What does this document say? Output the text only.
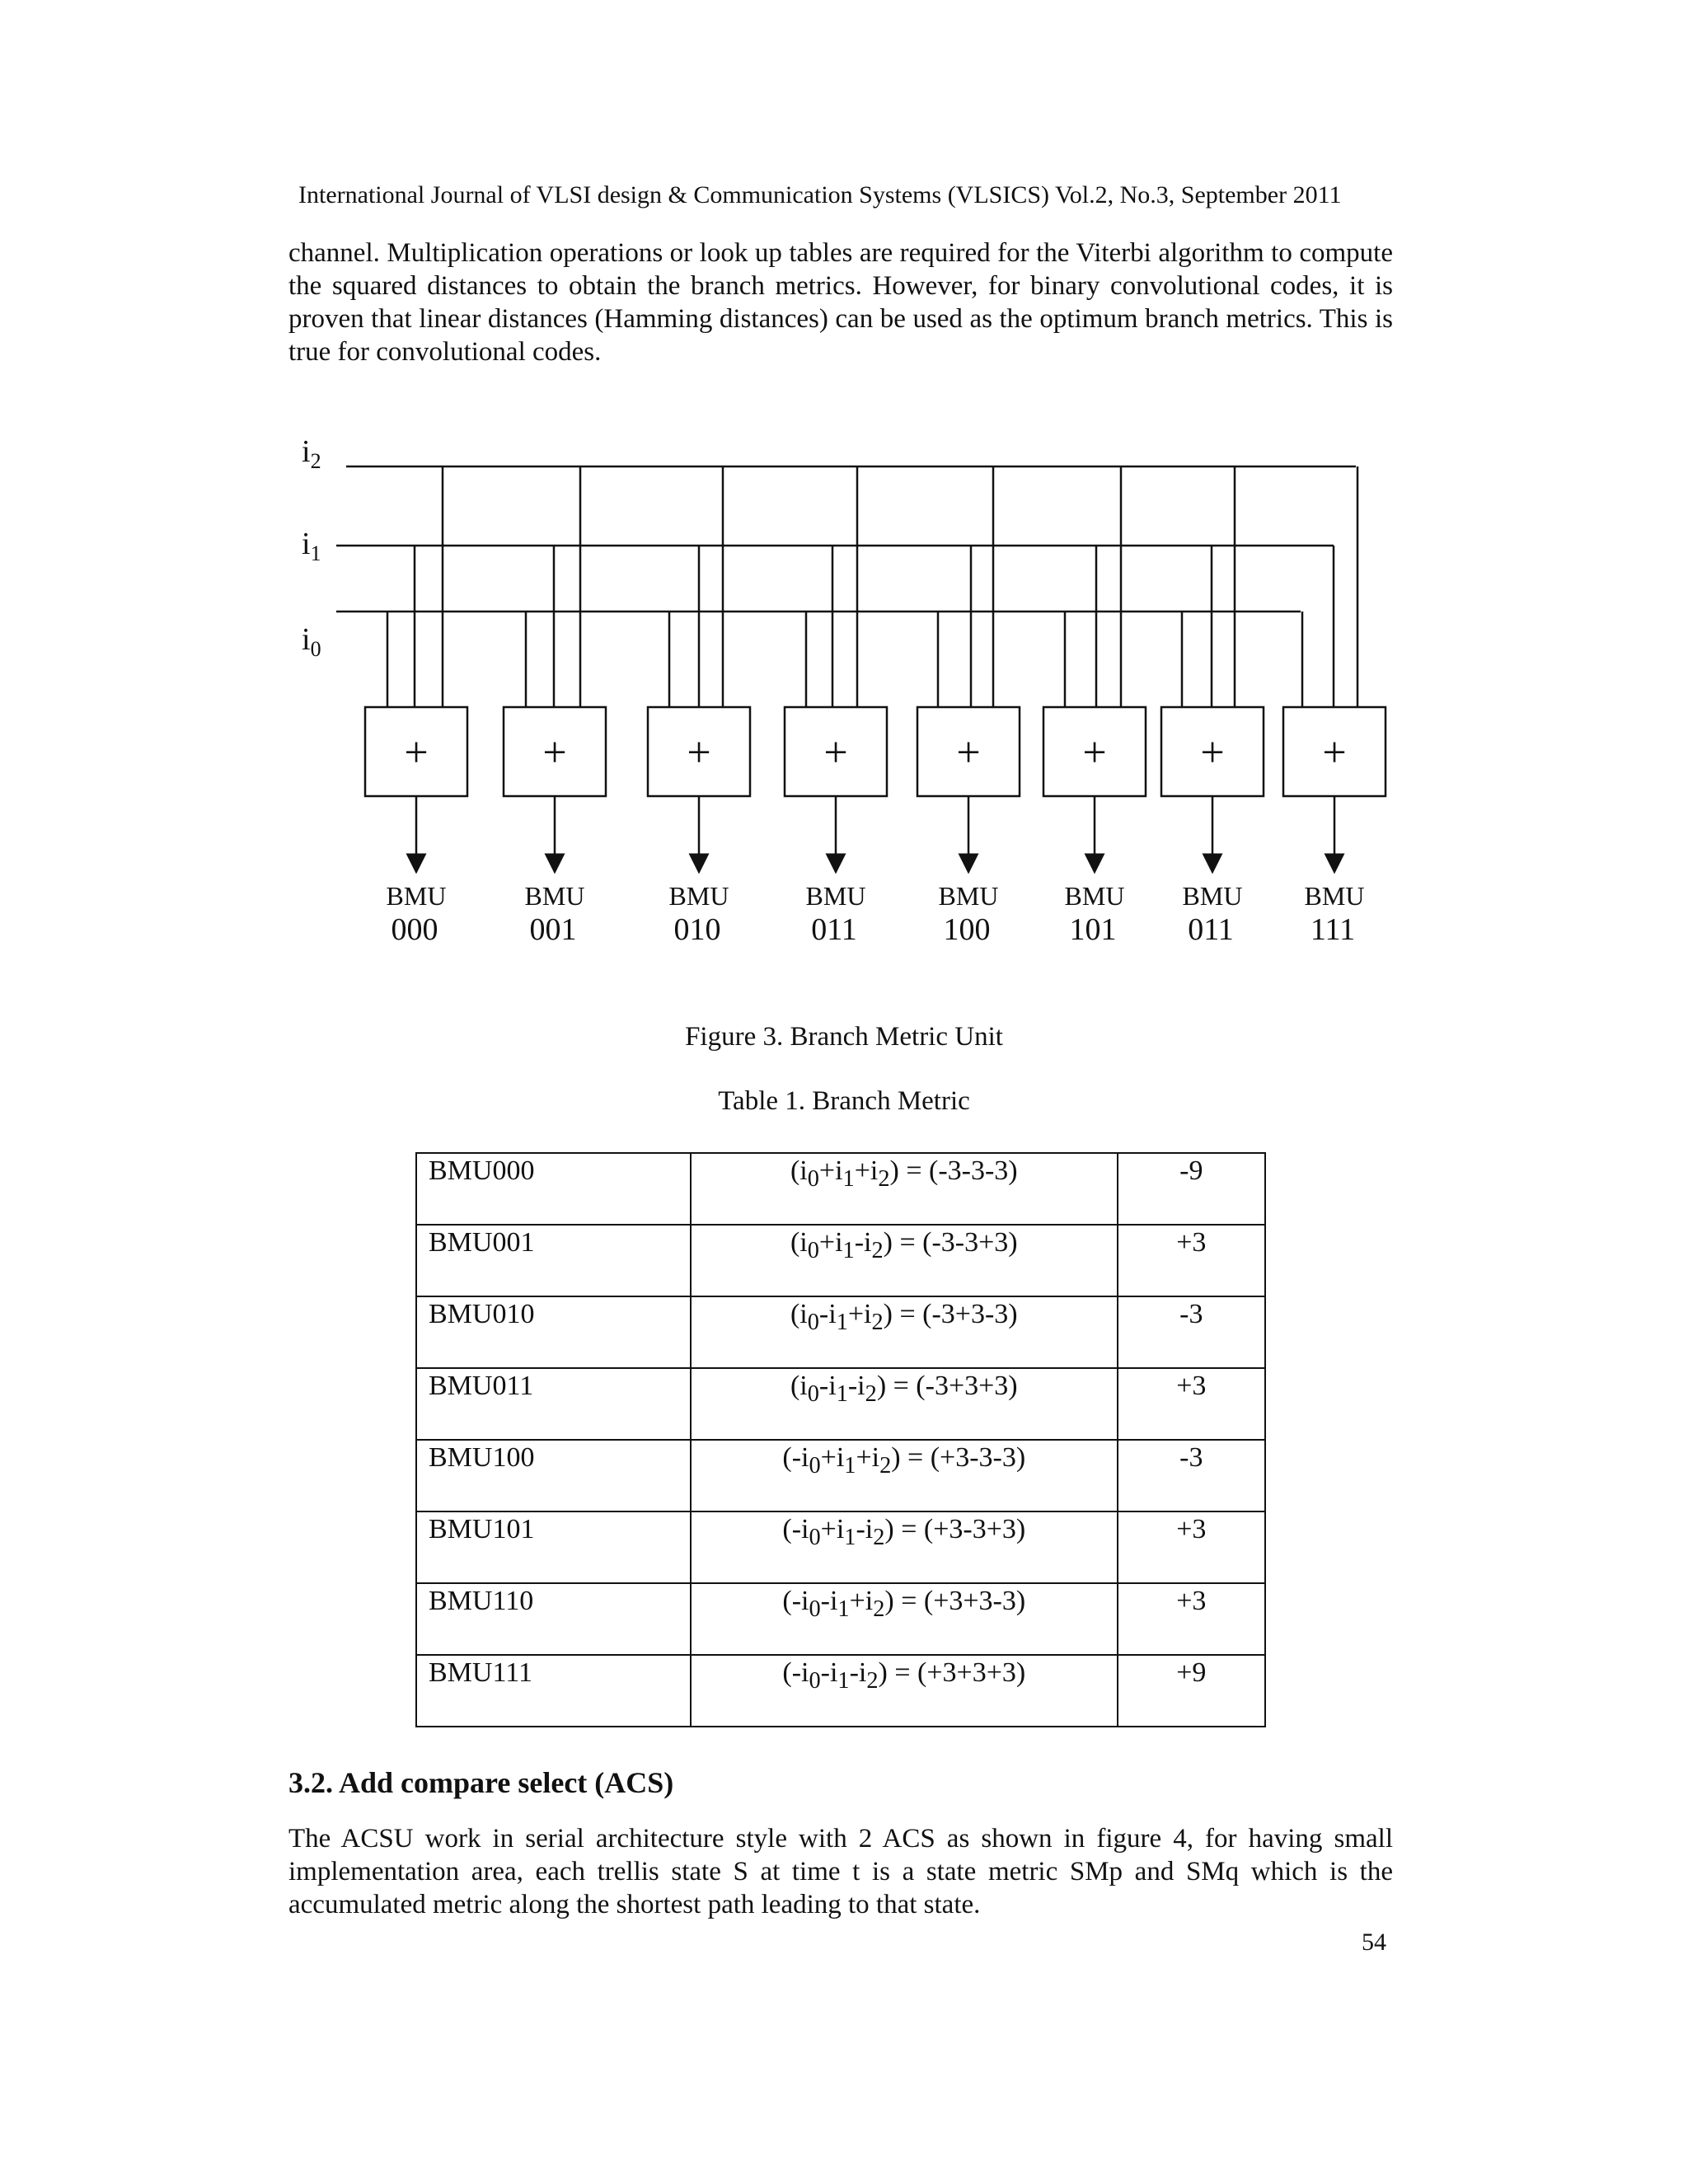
International Journal of VLSI design & Communication Systems (VLSICS) Vol.2, No.3, September 2011

channel. Multiplication operations or look up tables are required for the Viterbi algorithm to compute the squared distances to obtain the branch metrics. However, for binary convolutional codes, it is proven that linear distances (Hamming distances) can be used as the optimum branch metrics. This is true for convolutional codes.

$i_2$
$i_1$
$i_0$
+
BMU
000
+
BMU
001
+
BMU
010
+
BMU
011
+
BMU
100
+
BMU
101
+
BMU
011
+
BMU
111
Figure 3. Branch Metric Unit
Table 1. Branch Metric
BMU000	$(i_0+i_1+i_2) = (-3-3-3)$	-9
BMU001	$(i_0+i_1-i_2) = (-3-3+3)$	+3
BMU010	$(i_0-i_1+i_2) = (-3+3-3)$	-3
BMU011	$(i_0-i_1-i_2) = (-3+3+3)$	+3
BMU100	$(-i_0+i_1+i_2) = (+3-3-3)$	-3
BMU101	$(-i_0+i_1-i_2) = (+3-3+3)$	+3
BMU110	$(-i_0-i_1+i_2) = (+3+3-3)$	+3
BMU111	$(-i_0-i_1-i_2) = (+3+3+3)$	+9
3.2. Add compare select (ACS)

The ACSU work in serial architecture style with 2 ACS as shown in figure 4, for having small implementation area, each trellis state S at time t is a state metric SMp and SMq which is the accumulated metric along the shortest path leading to that state.

54
